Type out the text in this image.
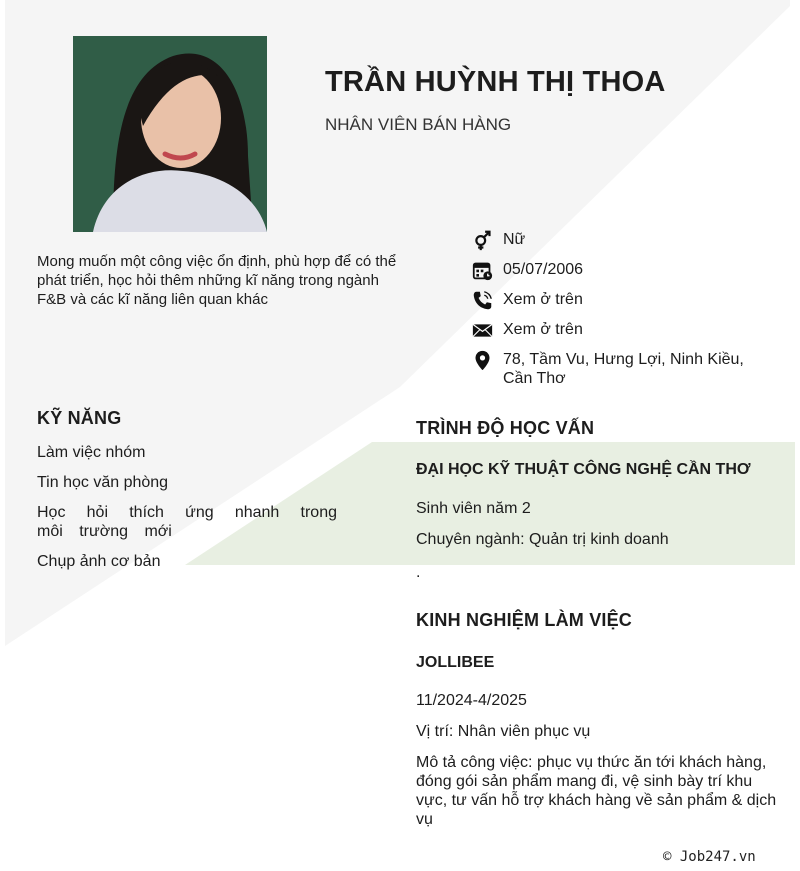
TRẦN HUỲNH THỊ THOA
NHÂN VIÊN BÁN HÀNG

Mong muốn một công việc ổn định, phù hợp để có thể phát triển, học hỏi thêm những kĩ năng trong ngành F&B và các kĩ năng liên quan khác

Nữ
05/07/2006
Xem ở trên
Xem ở trên
78, Tầm Vu, Hưng Lợi, Ninh Kiều, Cần Thơ
KỸ NĂNG
Làm việc nhóm
Tin học văn phòng
Học hỏi thích ứng nhanh trong môi trường mới
Chụp ảnh cơ bản
TRÌNH ĐỘ HỌC VẤN
ĐẠI HỌC KỸ THUẬT CÔNG NGHỆ CẦN THƠ
Sinh viên năm 2
Chuyên ngành: Quản trị kinh doanh
.
KINH NGHIỆM LÀM VIỆC
JOLLIBEE
11/2024-4/2025
Vị trí: Nhân viên phục vụ
Mô tả công việc: phục vụ thức ăn tới khách hàng, đóng gói sản phẩm mang đi, vệ sinh bày trí khu vực, tư vấn hỗ trợ khách hàng về sản phẩm & dịch vụ
© Job247.vn
